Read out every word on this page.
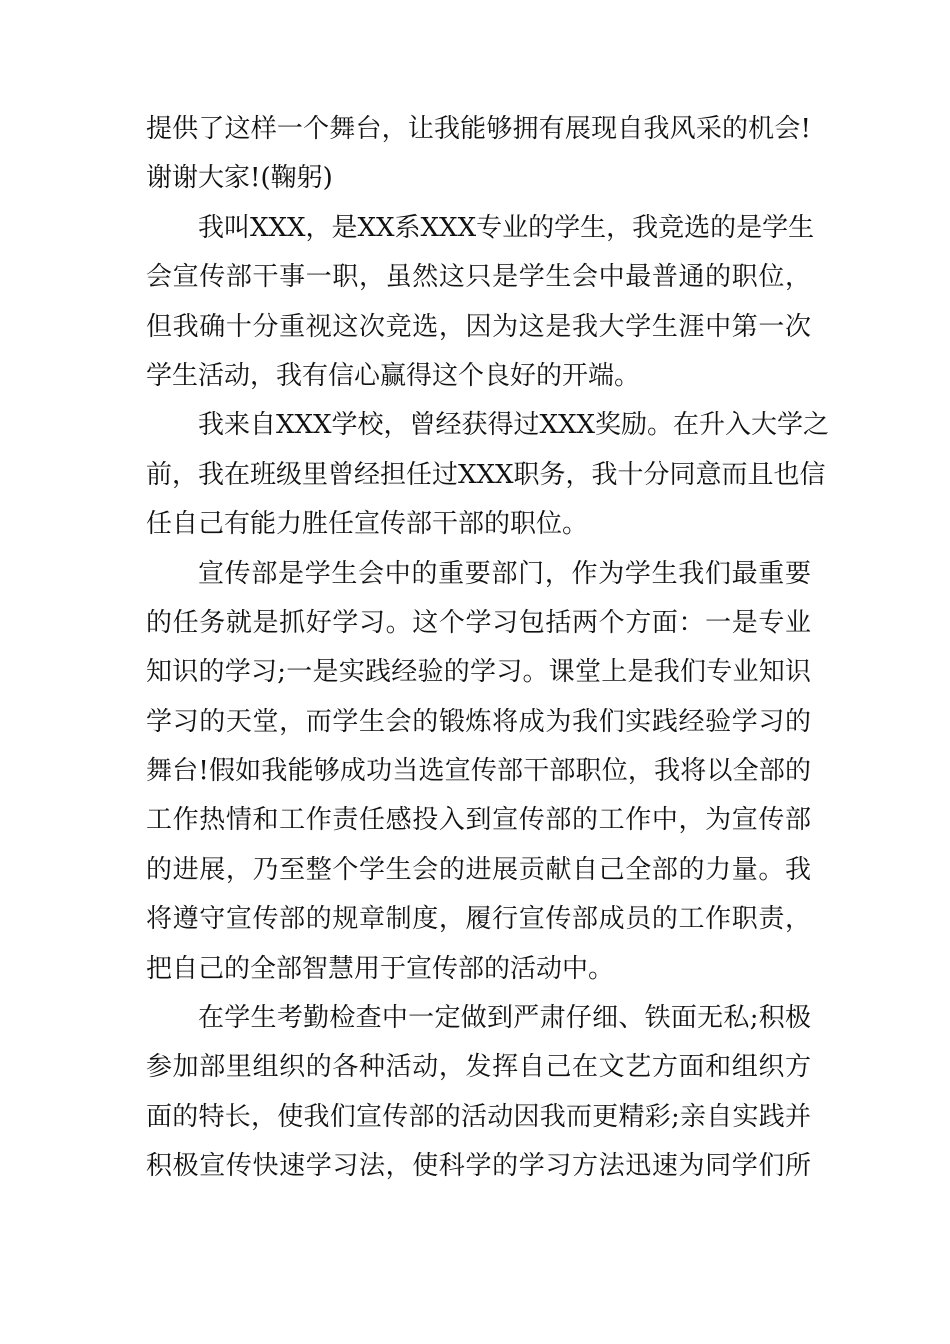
提供了这样一个舞台，让我能够拥有展现自我风采的机会!
谢谢大家!(鞠躬)
我叫XXX，是XX系XXX专业的学生，我竞选的是学生
会宣传部干事一职，虽然这只是学生会中最普通的职位，
但我确十分重视这次竞选，因为这是我大学生涯中第一次
学生活动，我有信心赢得这个良好的开端。
我来自XXX学校，曾经获得过XXX奖励。在升入大学之
前，我在班级里曾经担任过XXX职务，我十分同意而且也信
任自己有能力胜任宣传部干部的职位。
宣传部是学生会中的重要部门，作为学生我们最重要
的任务就是抓好学习。这个学习包括两个方面：一是专业
知识的学习;一是实践经验的学习。课堂上是我们专业知识
学习的天堂，而学生会的锻炼将成为我们实践经验学习的
舞台!假如我能够成功当选宣传部干部职位，我将以全部的
工作热情和工作责任感投入到宣传部的工作中，为宣传部
的进展，乃至整个学生会的进展贡献自己全部的力量。我
将遵守宣传部的规章制度，履行宣传部成员的工作职责，
把自己的全部智慧用于宣传部的活动中。
在学生考勤检查中一定做到严肃仔细、铁面无私;积极
参加部里组织的各种活动，发挥自己在文艺方面和组织方
面的特长，使我们宣传部的活动因我而更精彩;亲自实践并
积极宣传快速学习法，使科学的学习方法迅速为同学们所
